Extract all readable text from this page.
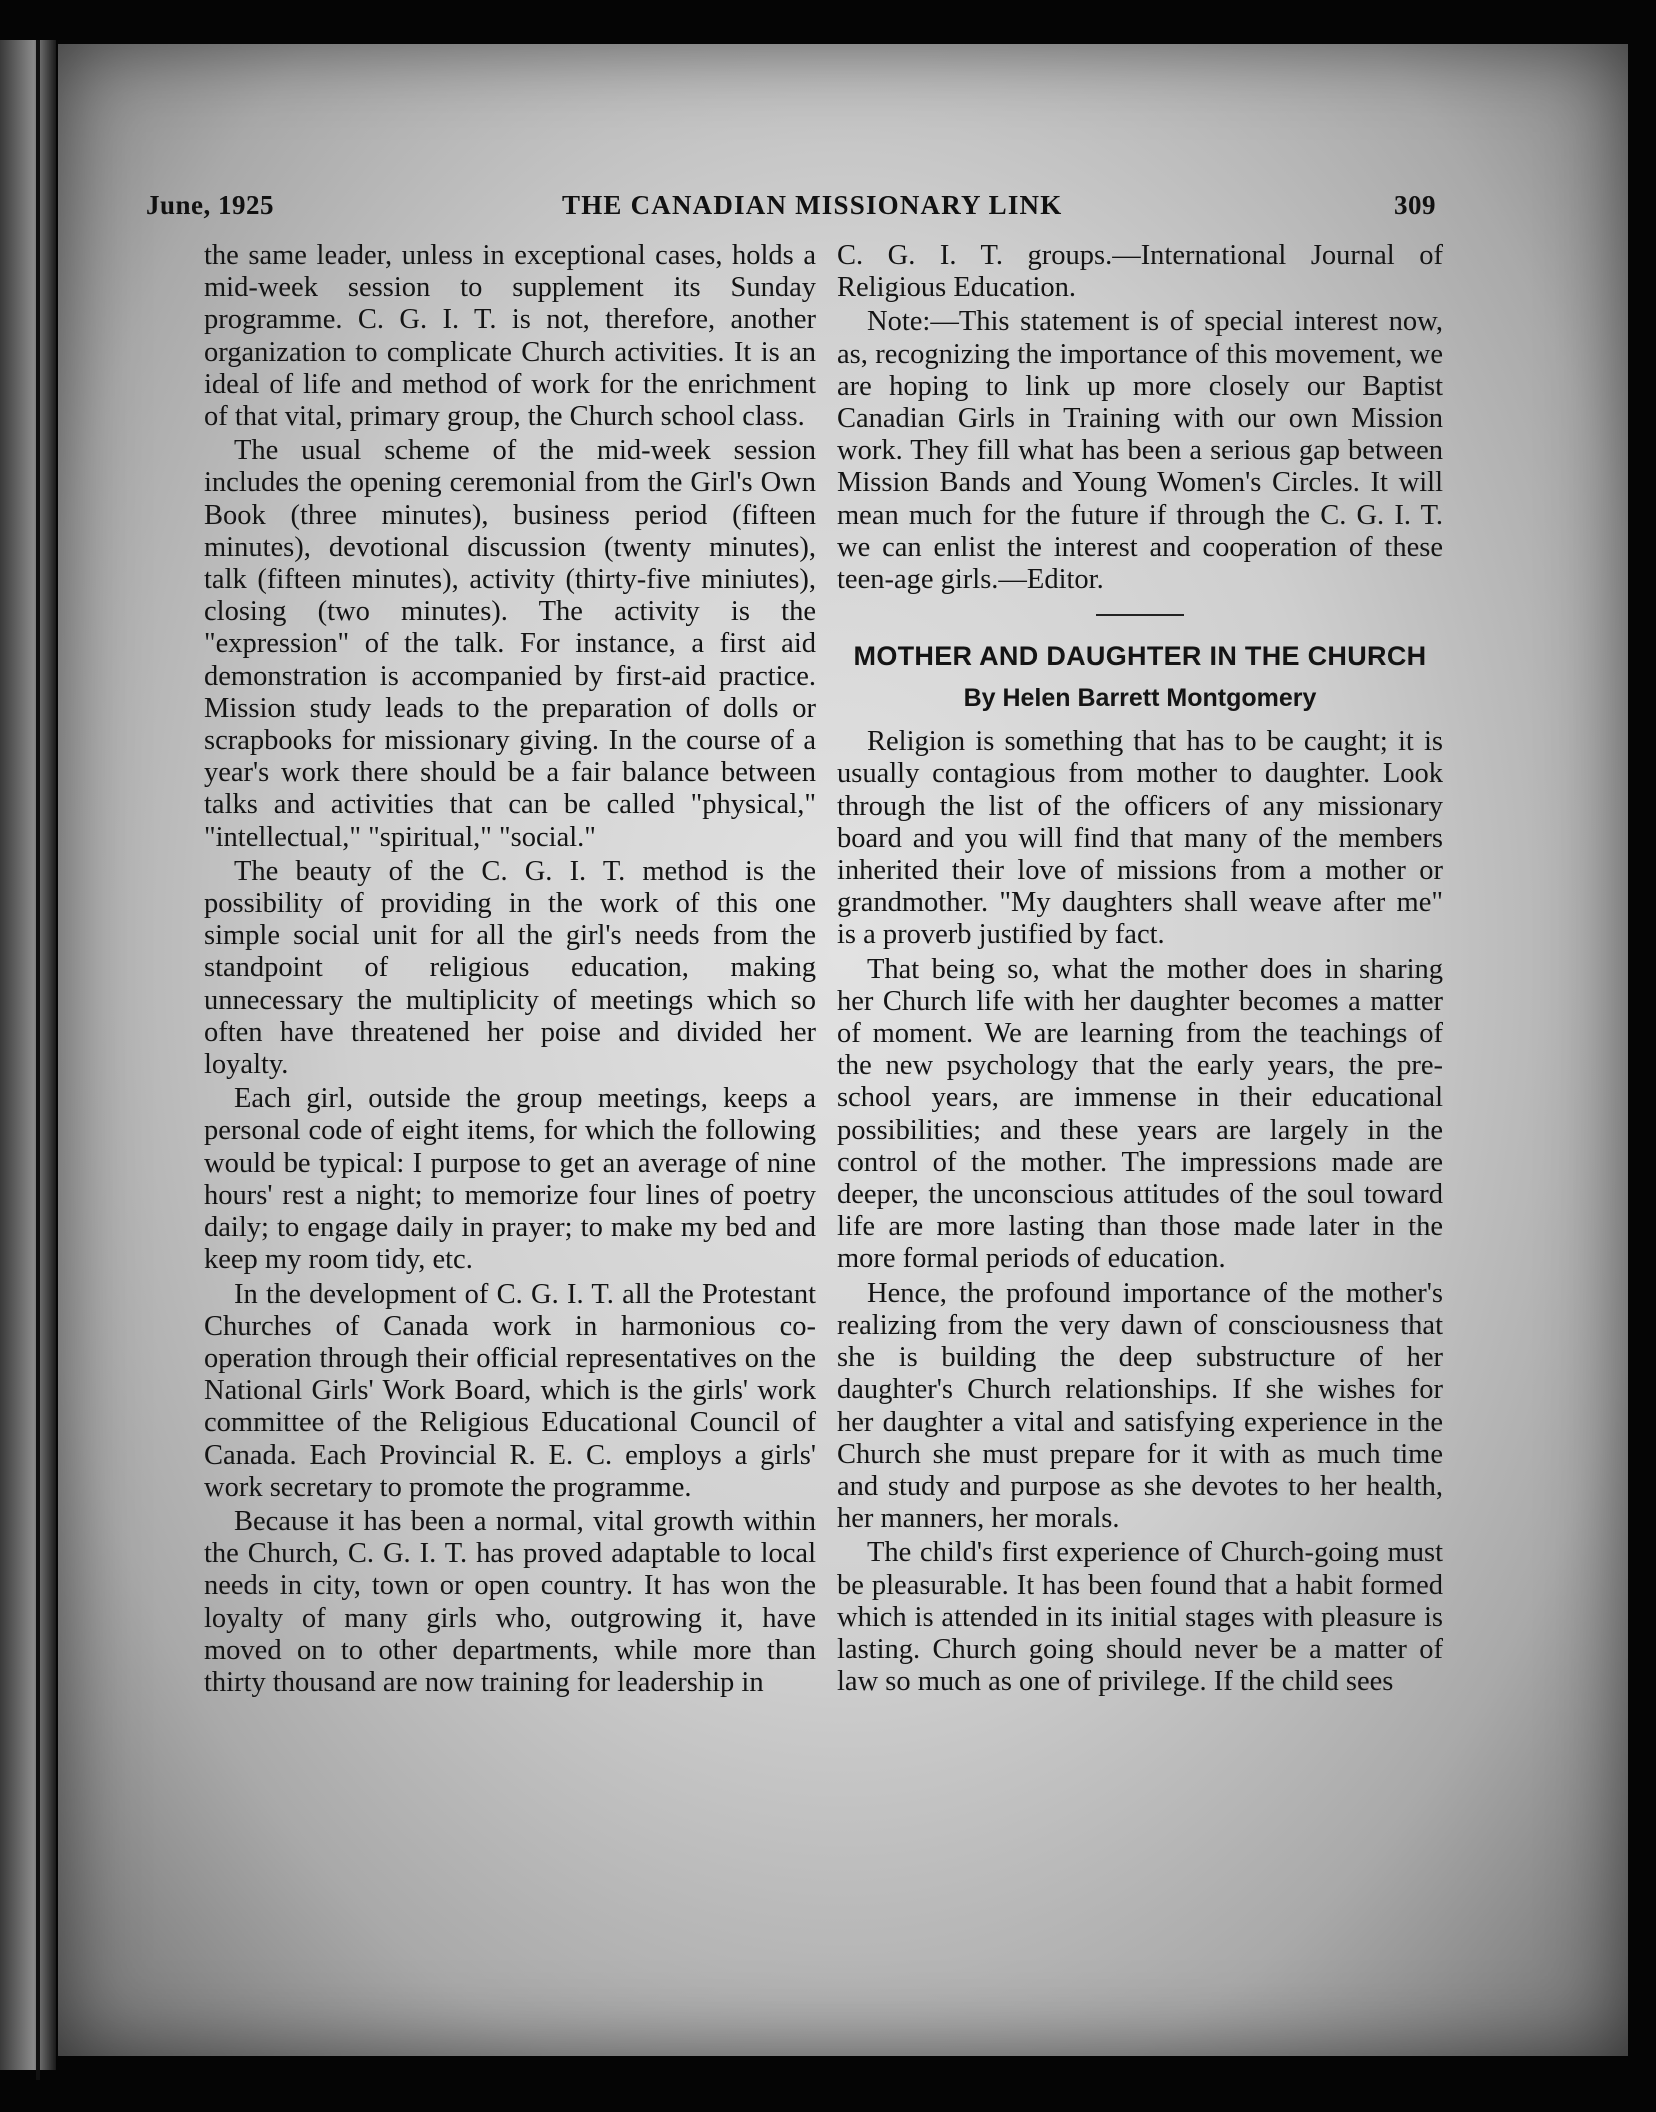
June, 1925	THE CANADIAN MISSIONARY LINK	309

the same leader, unless in exceptional cases, holds a mid-week session to supplement its Sunday programme. C. G. I. T. is not, therefore, another organization to complicate Church activities. It is an ideal of life and method of work for the enrichment of that vital, primary group, the Church school class.

The usual scheme of the mid-week session includes the opening ceremonial from the Girl's Own Book (three minutes), business period (fifteen minutes), devotional discussion (twenty minutes), talk (fifteen minutes), activity (thirty-five miniutes), closing (two minutes). The activity is the "expression" of the talk. For instance, a first aid demonstration is accompanied by first-aid practice. Mission study leads to the preparation of dolls or scrapbooks for missionary giving. In the course of a year's work there should be a fair balance between talks and activities that can be called "physical," "intellectual," "spiritual," "social."

The beauty of the C. G. I. T. method is the possibility of providing in the work of this one simple social unit for all the girl's needs from the standpoint of religious education, making unnecessary the multiplicity of meetings which so often have threatened her poise and divided her loyalty.

Each girl, outside the group meetings, keeps a personal code of eight items, for which the following would be typical: I purpose to get an average of nine hours' rest a night; to memorize four lines of poetry daily; to engage daily in prayer; to make my bed and keep my room tidy, etc.

In the development of C. G. I. T. all the Protestant Churches of Canada work in harmonious co-operation through their official representatives on the National Girls' Work Board, which is the girls' work committee of the Religious Educational Council of Canada. Each Provincial R. E. C. employs a girls' work secretary to promote the programme.

Because it has been a normal, vital growth within the Church, C. G. I. T. has proved adaptable to local needs in city, town or open country. It has won the loyalty of many girls who, outgrowing it, have moved on to other departments, while more than thirty thousand are now training for leadership in

C. G. I. T. groups.—International Journal of Religious Education.

Note:—This statement is of special interest now, as, recognizing the importance of this movement, we are hoping to link up more closely our Baptist Canadian Girls in Training with our own Mission work. They fill what has been a serious gap between Mission Bands and Young Women's Circles. It will mean much for the future if through the C. G. I. T. we can enlist the interest and cooperation of these teen-age girls.—Editor.

MOTHER AND DAUGHTER IN THE CHURCH
By Helen Barrett Montgomery

Religion is something that has to be caught; it is usually contagious from mother to daughter. Look through the list of the officers of any missionary board and you will find that many of the members inherited their love of missions from a mother or grandmother. "My daughters shall weave after me" is a proverb justified by fact.

That being so, what the mother does in sharing her Church life with her daughter becomes a matter of moment. We are learning from the teachings of the new psychology that the early years, the pre-school years, are immense in their educational possibilities; and these years are largely in the control of the mother. The impressions made are deeper, the unconscious attitudes of the soul toward life are more lasting than those made later in the more formal periods of education.

Hence, the profound importance of the mother's realizing from the very dawn of consciousness that she is building the deep substructure of her daughter's Church relationships. If she wishes for her daughter a vital and satisfying experience in the Church she must prepare for it with as much time and study and purpose as she devotes to her health, her manners, her morals.

The child's first experience of Church-going must be pleasurable. It has been found that a habit formed which is attended in its initial stages with pleasure is lasting. Church going should never be a matter of law so much as one of privilege. If the child sees
